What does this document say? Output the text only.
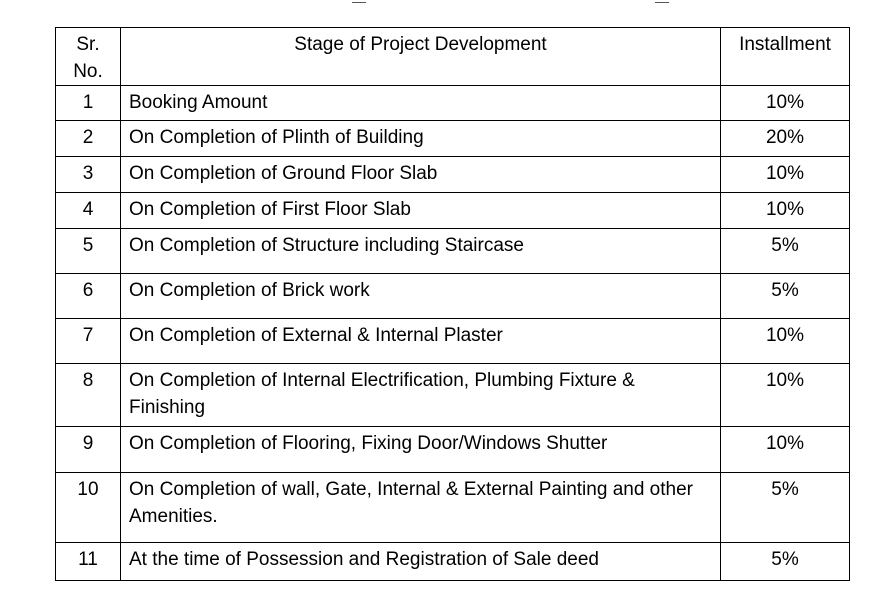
Sr.
No.	Stage of Project Development	Installment

1	Booking Amount	10%

2	On Completion of Plinth of Building	20%

3	On Completion of Ground Floor Slab	10%

4	On Completion of First Floor Slab	10%

5	On Completion of Structure including Staircase	5%

6	On Completion of Brick work	5%

7	On Completion of External & Internal Plaster	10%

8	On Completion of Internal Electrification, Plumbing Fixture & Finishing	10%

9	On Completion of Flooring, Fixing Door/Windows Shutter	10%

10	On Completion of wall, Gate, Internal & External Painting and other Amenities.	5%

11	At the time of Possession and Registration of Sale deed	5%
